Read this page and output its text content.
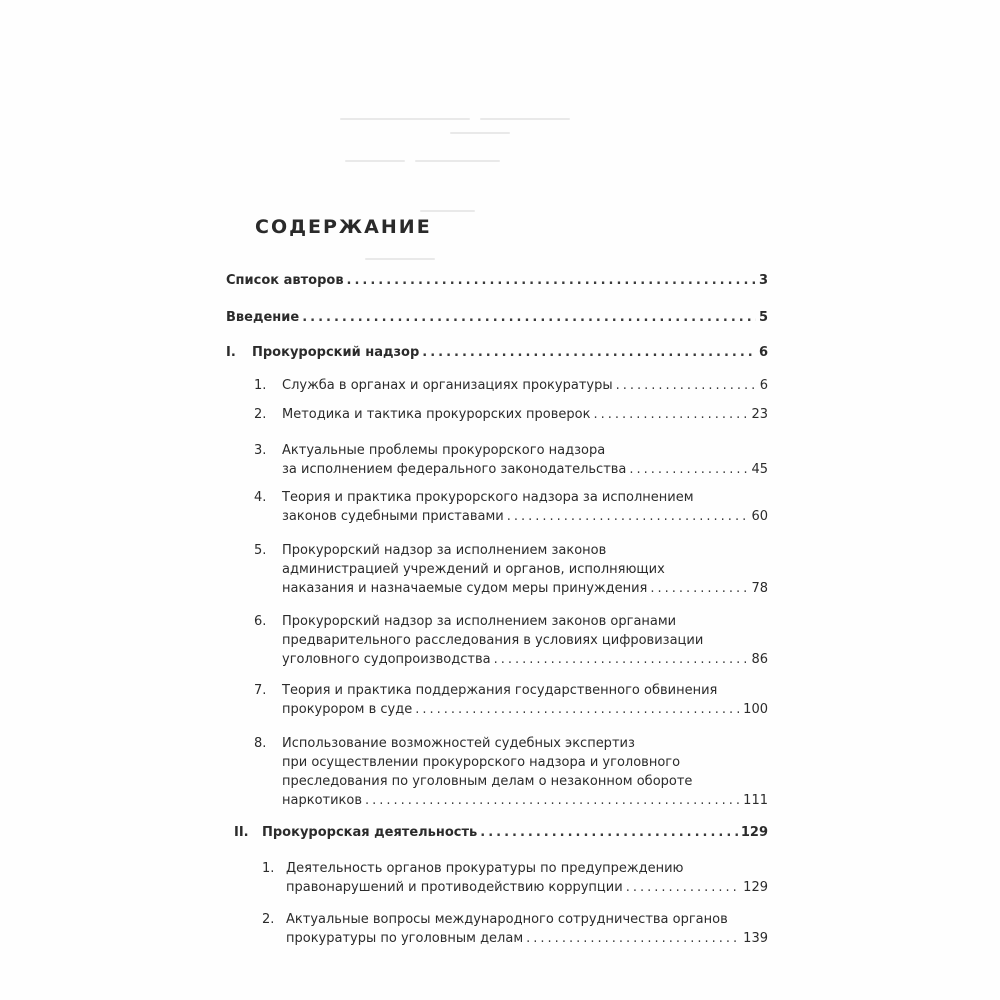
СОДЕРЖАНИЕ
Список авторов .....	3
Введение .....	5
I.	Прокурорский надзор .....	6
1.	Служба в органах и организациях прокуратуры .....	6
2.	Методика и тактика прокурорских проверок .....	23
3.	Актуальные проблемы прокурорского надзора
за исполнением федерального законодательства .....	45
4.	Теория и практика прокурорского надзора за исполнением
законов судебными приставами .....	60
5.	Прокурорский надзор за исполнением законов
администрацией учреждений и органов, исполняющих
наказания и назначаемые судом меры принуждения .....	78
6.	Прокурорский надзор за исполнением законов органами
предварительного расследования в условиях цифровизации
уголовного судопроизводства .....	86
7.	Теория и практика поддержания государственного обвинения
прокурором в суде .....	100
8.	Использование возможностей судебных экспертиз
при осуществлении прокурорского надзора и уголовного
преследования по уголовным делам о незаконном обороте
наркотиков .....	111
II.	Прокурорская деятельность .....	129
1. Деятельность органов прокуратуры по предупреждению
правонарушений и противодействию коррупции .....	129
2. Актуальные вопросы международного сотрудничества органов
прокуратуры по уголовным делам .....	139
